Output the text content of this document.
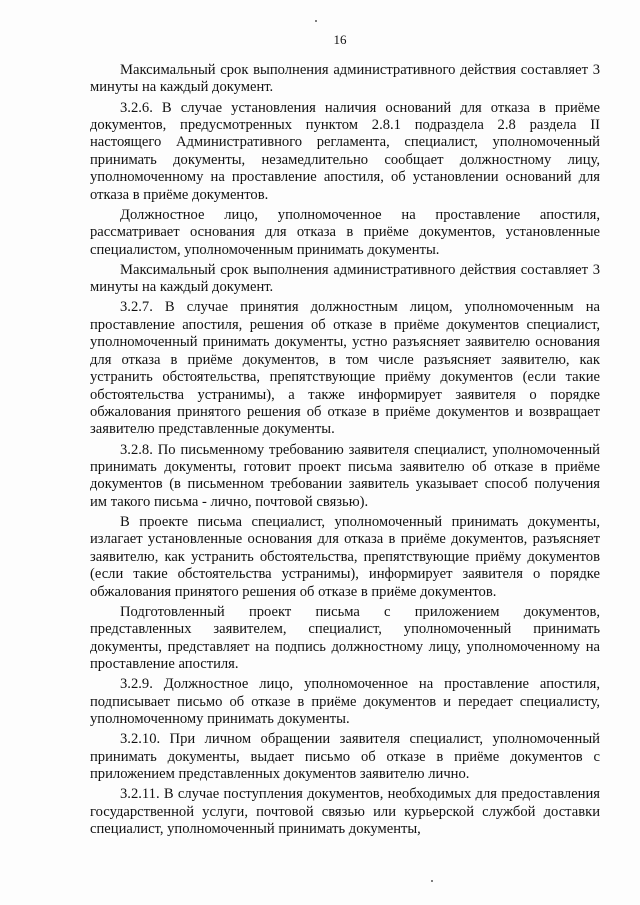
16

Максимальный срок выполнения административного действия составляет 3 минуты на каждый документ.

3.2.6. В случае установления наличия оснований для отказа в приёме документов, предусмотренных пунктом 2.8.1 подраздела 2.8 раздела II настоящего Административного регламента, специалист, уполномоченный принимать документы, незамедлительно сообщает должностному лицу, уполномоченному на проставление апостиля, об установлении оснований для отказа в приёме документов.

Должностное лицо, уполномоченное на проставление апостиля, рассматривает основания для отказа в приёме документов, установленные специалистом, уполномоченным принимать документы.

Максимальный срок выполнения административного действия составляет 3 минуты на каждый документ.

3.2.7. В случае принятия должностным лицом, уполномоченным на проставление апостиля, решения об отказе в приёме документов специалист, уполномоченный принимать документы, устно разъясняет заявителю основания для отказа в приёме документов, в том числе разъясняет заявителю, как устранить обстоятельства, препятствующие приёму документов (если такие обстоятельства устранимы), а также информирует заявителя о порядке обжалования принятого решения об отказе в приёме документов и возвращает заявителю представленные документы.

3.2.8. По письменному требованию заявителя специалист, уполномоченный принимать документы, готовит проект письма заявителю об отказе в приёме документов (в письменном требовании заявитель указывает способ получения им такого письма - лично, почтовой связью).

В проекте письма специалист, уполномоченный принимать документы, излагает установленные основания для отказа в приёме документов, разъясняет заявителю, как устранить обстоятельства, препятствующие приёму документов (если такие обстоятельства устранимы), информирует заявителя о порядке обжалования принятого решения об отказе в приёме документов.

Подготовленный проект письма с приложением документов, представленных заявителем, специалист, уполномоченный принимать документы, представляет на подпись должностному лицу, уполномоченному на проставление апостиля.

3.2.9. Должностное лицо, уполномоченное на проставление апостиля, подписывает письмо об отказе в приёме документов и передает специалисту, уполномоченному принимать документы.

3.2.10. При личном обращении заявителя специалист, уполномоченный принимать документы, выдает письмо об отказе в приёме документов с приложением представленных документов заявителю лично.

3.2.11. В случае поступления документов, необходимых для предоставления государственной услуги, почтовой связью или курьерской службой доставки специалист, уполномоченный принимать документы,
